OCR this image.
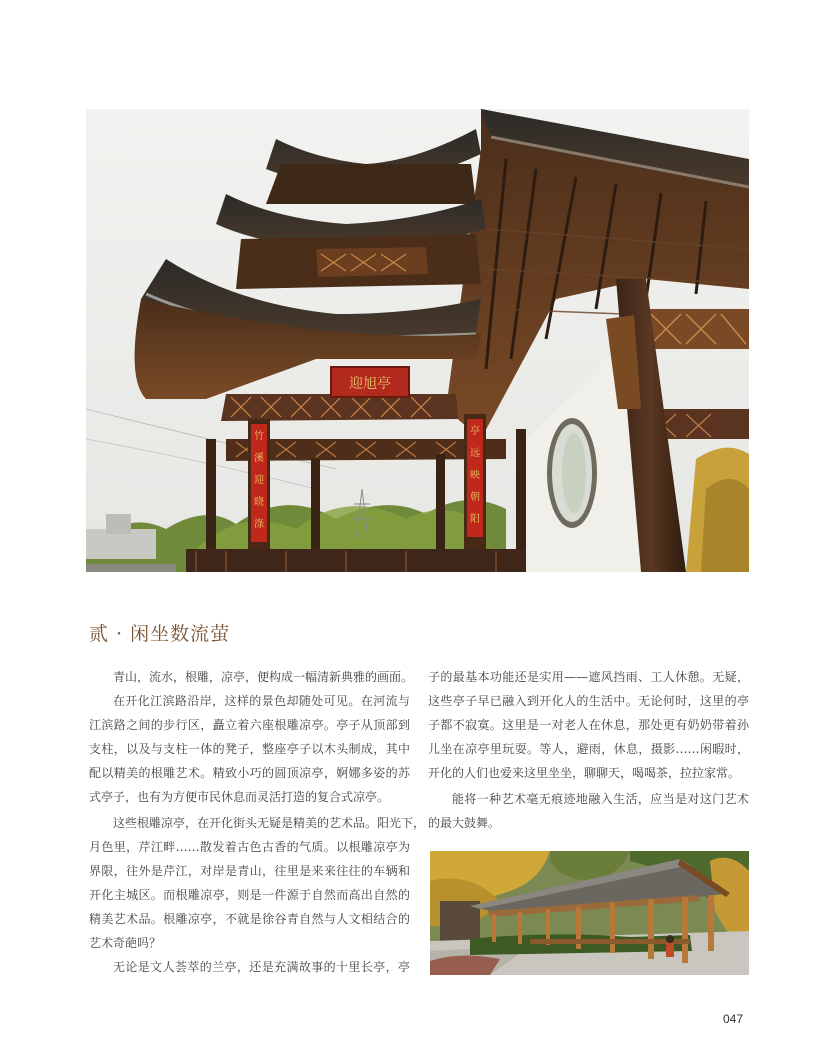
迎旭亭
竹溪迎晓涤
亭远映朝阳
贰 · 闲坐数流萤
青山，流水，根雕，凉亭，便构成一幅清新典雅的画面。
在开化江滨路沿岸，这样的景色却随处可见。在河流与
江滨路之间的步行区，矗立着六座根雕凉亭。亭子从顶部到
支柱，以及与支柱一体的凳子，整座亭子以木头制成，其中
配以精美的根雕艺术。精致小巧的圆顶凉亭，婀娜多姿的苏
式亭子，也有为方便市民休息而灵活打造的复合式凉亭。
这些根雕凉亭，在开化街头无疑是精美的艺术品。阳光下，
月色里，芹江畔……散发着古色古香的气质。以根雕凉亭为
界限，往外是芹江，对岸是青山，往里是来来往往的车辆和
开化主城区。而根雕凉亭，则是一件源于自然而高出自然的
精美艺术品。根雕凉亭，不就是徐谷青自然与人文相结合的
艺术奇葩吗？
无论是文人荟萃的兰亭，还是充满故事的十里长亭，亭
子的最基本功能还是实用——遮风挡雨、工人休憩。无疑，
这些亭子早已融入到开化人的生活中。无论何时，这里的亭
子都不寂寞。这里是一对老人在休息，那处更有奶奶带着孙
儿坐在凉亭里玩耍。等人，避雨，休息，摄影……闲暇时，
开化的人们也爱来这里坐坐，聊聊天，喝喝茶，拉拉家常。
能将一种艺术毫无痕迹地融入生活，应当是对这门艺术
的最大鼓舞。
047
